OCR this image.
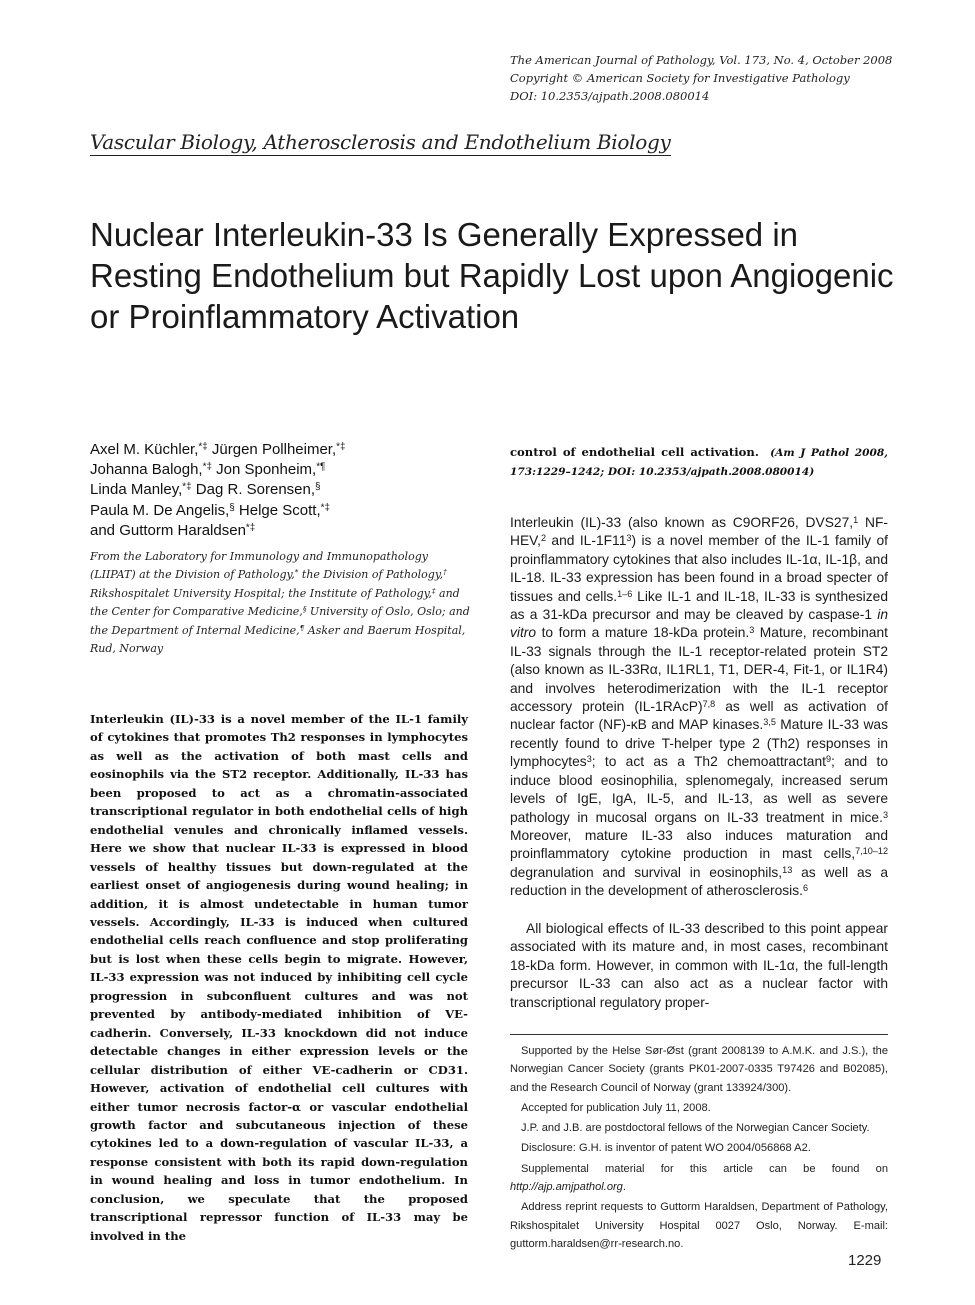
The American Journal of Pathology, Vol. 173, No. 4, October 2008
Copyright © American Society for Investigative Pathology
DOI: 10.2353/ajpath.2008.080014
Vascular Biology, Atherosclerosis and Endothelium Biology
Nuclear Interleukin-33 Is Generally Expressed in Resting Endothelium but Rapidly Lost upon Angiogenic or Proinflammatory Activation
Axel M. Küchler,*‡ Jürgen Pollheimer,*‡
Johanna Balogh,*‡ Jon Sponheim,*¶
Linda Manley,*‡ Dag R. Sorensen,§
Paula M. De Angelis,§ Helge Scott,*‡
and Guttorm Haraldsen*‡
From the Laboratory for Immunology and Immunopathology (LIIPAT) at the Division of Pathology,* the Division of Pathology,† Rikshospitalet University Hospital; the Institute of Pathology,‡ and the Center for Comparative Medicine,§ University of Oslo, Oslo; and the Department of Internal Medicine,¶ Asker and Baerum Hospital, Rud, Norway
Interleukin (IL)-33 is a novel member of the IL-1 family of cytokines that promotes Th2 responses in lymphocytes as well as the activation of both mast cells and eosinophils via the ST2 receptor. Additionally, IL-33 has been proposed to act as a chromatin-associated transcriptional regulator in both endothelial cells of high endothelial venules and chronically inflamed vessels. Here we show that nuclear IL-33 is expressed in blood vessels of healthy tissues but down-regulated at the earliest onset of angiogenesis during wound healing; in addition, it is almost undetectable in human tumor vessels. Accordingly, IL-33 is induced when cultured endothelial cells reach confluence and stop proliferating but is lost when these cells begin to migrate. However, IL-33 expression was not induced by inhibiting cell cycle progression in subconfluent cultures and was not prevented by antibody-mediated inhibition of VE-cadherin. Conversely, IL-33 knockdown did not induce detectable changes in either expression levels or the cellular distribution of either VE-cadherin or CD31. However, activation of endothelial cell cultures with either tumor necrosis factor-α or vascular endothelial growth factor and subcutaneous injection of these cytokines led to a down-regulation of vascular IL-33, a response consistent with both its rapid down-regulation in wound healing and loss in tumor endothelium. In conclusion, we speculate that the proposed transcriptional repressor function of IL-33 may be involved in the
control of endothelial cell activation. (Am J Pathol 2008, 173:1229–1242; DOI: 10.2353/ajpath.2008.080014)
Interleukin (IL)-33 (also known as C9ORF26, DVS27,$^1$ NF-HEV,$^2$ and $IL-1F11^3$) is a novel member of the IL-1 family of proinflammatory cytokines that also includes IL-1α, IL-1β, and IL-18. IL-33 expression has been found in a broad specter of tissues and cells.$^{1-6}$ Like IL-1 and IL-18, IL-33 is synthesized as a 31-kDa precursor and may be cleaved by caspase-1 in vitro to form a mature 18-kDa protein.$^3$ Mature, recombinant IL-33 signals through the IL-1 receptor-related protein ST2 (also known as IL-33Rα, IL1RL1, T1, DER-4, Fit-1, or IL1R4) and involves heterodimerization with the IL-1 receptor accessory protein (IL-1RAcP)$^{7,8}$ as well as activation of nuclear factor (NF)-κB and MAP kinases.$^{3,5}$ Mature IL-33 was recently found to drive T-helper type 2 (Th2) responses in lymphocytes$^3$; to act as a Th2 chemoattractant$^9$; and to induce blood eosinophilia, splenomegaly, increased serum levels of IgE, IgA, IL-5, and IL-13, as well as severe pathology in mucosal organs on IL-33 treatment in mice.$^3$ Moreover, mature IL-33 also induces maturation and proinflammatory cytokine production in mast cells,$^{7,10-12}$ degranulation and survival in eosinophils,$^{13}$ as well as a reduction in the development of atherosclerosis.$^6$
All biological effects of IL-33 described to this point appear associated with its mature and, in most cases, recombinant 18-kDa form. However, in common with IL-1α, the full-length precursor IL-33 can also act as a nuclear factor with transcriptional regulatory proper-

Supported by the Helse Sør-Øst (grant 2008139 to A.M.K. and J.S.), the Norwegian Cancer Society (grants PK01-2007-0335 T97426 and B02085), and the Research Council of Norway (grant 133924/300).

Accepted for publication July 11, 2008.

J.P. and J.B. are postdoctoral fellows of the Norwegian Cancer Society.

Disclosure: G.H. is inventor of patent WO 2004/056868 A2.

Supplemental material for this article can be found on http://ajp.amjpathol.org.

Address reprint requests to Guttorm Haraldsen, Department of Pathology, Rikshospitalet University Hospital 0027 Oslo, Norway. E-mail: guttorm.haraldsen@rr-research.no.

1229
